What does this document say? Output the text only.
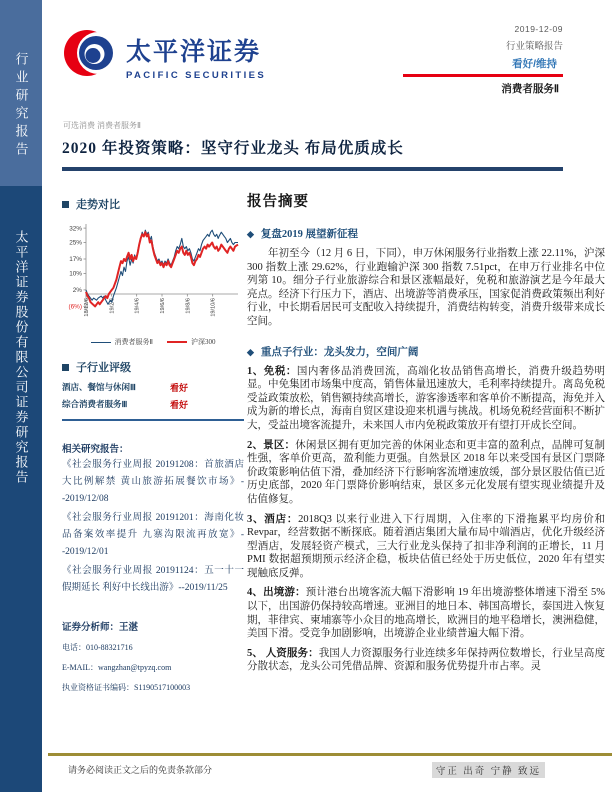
行业研究报告
太平洋证券股份有限公司证券研究报告
太平洋证券
PACIFIC SECURITIES
2019-12-09
行业策略报告
看好/维持
消费者服务Ⅱ
可选消费 消费者服务Ⅱ
2020 年投资策略：坚守行业龙头 布局优质成长
走势对比
32%
25%
17%
10%
2%
(6%) 18/12/6	19/2/6	19/4/6	19/6/6	19/8/6	19/10/6
消费者服务Ⅱ	沪深300
子行业评级
酒店、餐馆与休闲Ⅲ	看好
综合消费者服务Ⅲ	看好
相关研究报告：

《社会服务行业周报 20191208：首旅酒店大比例解禁 黄山旅游拓展餐饮市场》--2019/12/08

《社会服务行业周报 20191201：海南化妆品备案效率提升 九寨沟限流再放宽》--2019/12/01

《社会服务行业周报 20191124：五一十一假期延长 利好中长线出游》--2019/11/25

证券分析师：王湛
电话：010-88321716
E-MAIL：wangzhan@tpyzq.com
执业资格证书编码：S1190517100003
报告摘要
◆ 复盘2019 展望新征程

年初至今（12 月 6 日，下同），申万休闲服务行业指数上涨 22.11%，沪深 300 指数上涨 29.62%，行业跑输沪深 300 指数 7.51pct，在申万行业排名中位列第 10。细分子行业旅游综合和景区涨幅最好，免税和旅游演艺是今年最大亮点。经济下行压力下，酒店、出境游等消费承压，国家促消费政策频出利好行业，中长期看居民可支配收入持续提升，消费结构转变，消费升级带来成长空间。

◆ 重点子行业：龙头发力，空间广阔

1、免税：国内奢侈品消费回流，高端化妆品销售高增长，消费升级趋势明显。中免集团市场集中度高，销售体量迅速放大，毛利率持续提升。离岛免税受益政策放松，销售额持续高增长，游客渗透率和客单价不断提高，海免并入成为新的增长点，海南自贸区建设迎来机遇与挑战。机场免税经营面积不断扩大，受益出境客流提升，未来国人市内免税政策放开有望打开成长空间。

2、景区：休闲景区拥有更加完善的休闲业态和更丰富的盈利点，品牌可复制性强，客单价更高，盈利能力更强。自然景区 2018 年以来受国有景区门票降价政策影响估值下滑，叠加经济下行影响客流增速放缓，部分景区股估值已近历史底部，2020 年门票降价影响结束，景区多元化发展有望实现业绩提升及估值修复。

3、酒店：2018Q3 以来行业进入下行周期，入住率的下滑拖累平均房价和 Revpar，经营数据不断探底。随着酒店集团大量布局中端酒店，优化升级经济型酒店，发展轻资产模式，三大行业龙头保持了扣非净利润的正增长，11 月 PMI 数据超预期预示经济企稳，板块估值已经处于历史低位，2020 年有望实现触底反弹。

4、出境游：预计港台出境客流大幅下滑影响 19 年出境游整体增速下滑至 5%以下，出国游仍保持较高增速。亚洲目的地日本、韩国高增长，泰国进入恢复期，菲律宾、柬埔寨等小众目的地高增长，欧洲目的地平稳增长，澳洲稳健，美国下滑。受竞争加剧影响，出境游企业业绩普遍大幅下滑。

5、 人资服务：我国人力资源服务行业连续多年保持两位数增长，行业呈高度分散状态，龙头公司凭借品牌、资源和服务优势提升市占率。灵

请务必阅读正文之后的免责条款部分	守正 出奇 宁静 致远
